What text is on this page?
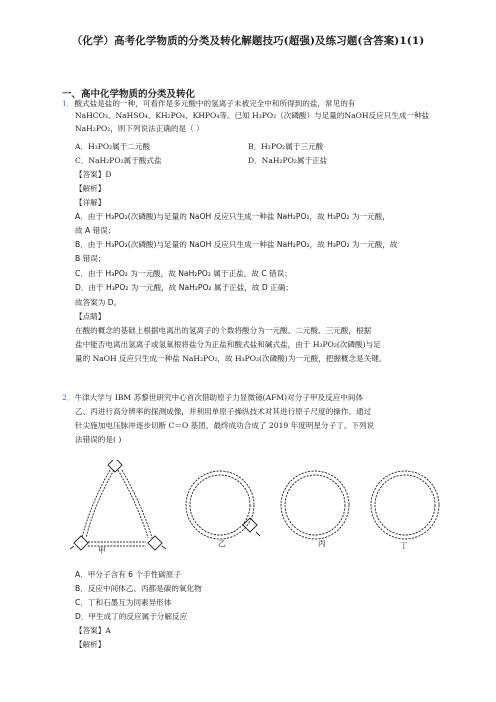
（化学）高考化学物质的分类及转化解题技巧(超强)及练习题(含答案)1(1)
一、高中化学物质的分类及转化
1．酸式盐是盐的一种，可看作是多元酸中的氢离子未被完全中和所得到的盐，常见的有
NaHCO₃、NaHSO₄、KH₂PO₄、KHPO₄等。已知 H₃PO₂（次磷酸）与足量的NaOH反应只生成一种盐
NaH₂PO₂，则下列说法正确的是（ ）
A．H₃PO₂属于二元酸	B．H₃PO₂属于三元酸
C．NaH₂PO₂属于酸式盐	D．NaH₂PO₂属于正盐
【答案】D
【解析】
【详解】
A．由于 H₃PO₂(次磷酸)与足量的 NaOH 反应只生成一种盐 NaH₂PO₂，故 H₃PO₂ 为一元酸，
故 A 错误；
B．由于 H₃PO₂(次磷酸)与足量的 NaOH 反应只生成一种盐 NaH₂PO₂，故 H₃PO₂ 为一元酸，故
B 错误；
C．由于 H₃PO₂ 为一元酸，故 NaH₂PO₂ 属于正盐，故 C 错误；
D．由于 H₃PO₂ 为一元酸，故 NaH₂PO₂ 属于正盐，故 D 正确；
故答案为 D。
【点睛】
在酸的概念的基础上根据电离出的氢离子的个数将酸分为一元酸、二元酸、三元酸，根据
盐中能否电离出氢离子或氢氧根将盐分为正盐和酸式盐和碱式盐，由于 H₃PO₂(次磷酸)与足
量的 NaOH 反应只生成一种盐 NaH₂PO₂，故 H₃PO₂(次磷酸)为一元酸，把握概念是关键。
2．牛津大学与 IBM 苏黎世研究中心首次借助原子力显微镜(AFM)对分子甲及反应中间体
乙、丙进行高分辨率的探测成像，并利用单原子操纵技术对其进行原子尺度的操作。通过
针尖施加电压脉冲逐步切断 C＝O 基团，最终成功合成了 2019 年度明星分子丁。下列说
法错误的是( )
甲
乙	丙	丁
A．甲分子含有 6 个手性碳原子
B．反应中间体乙、丙都是碳的氧化物
C．丁和石墨互为同素异形体
D．甲生成丁的反应属于分解反应
【答案】A
【解析】
